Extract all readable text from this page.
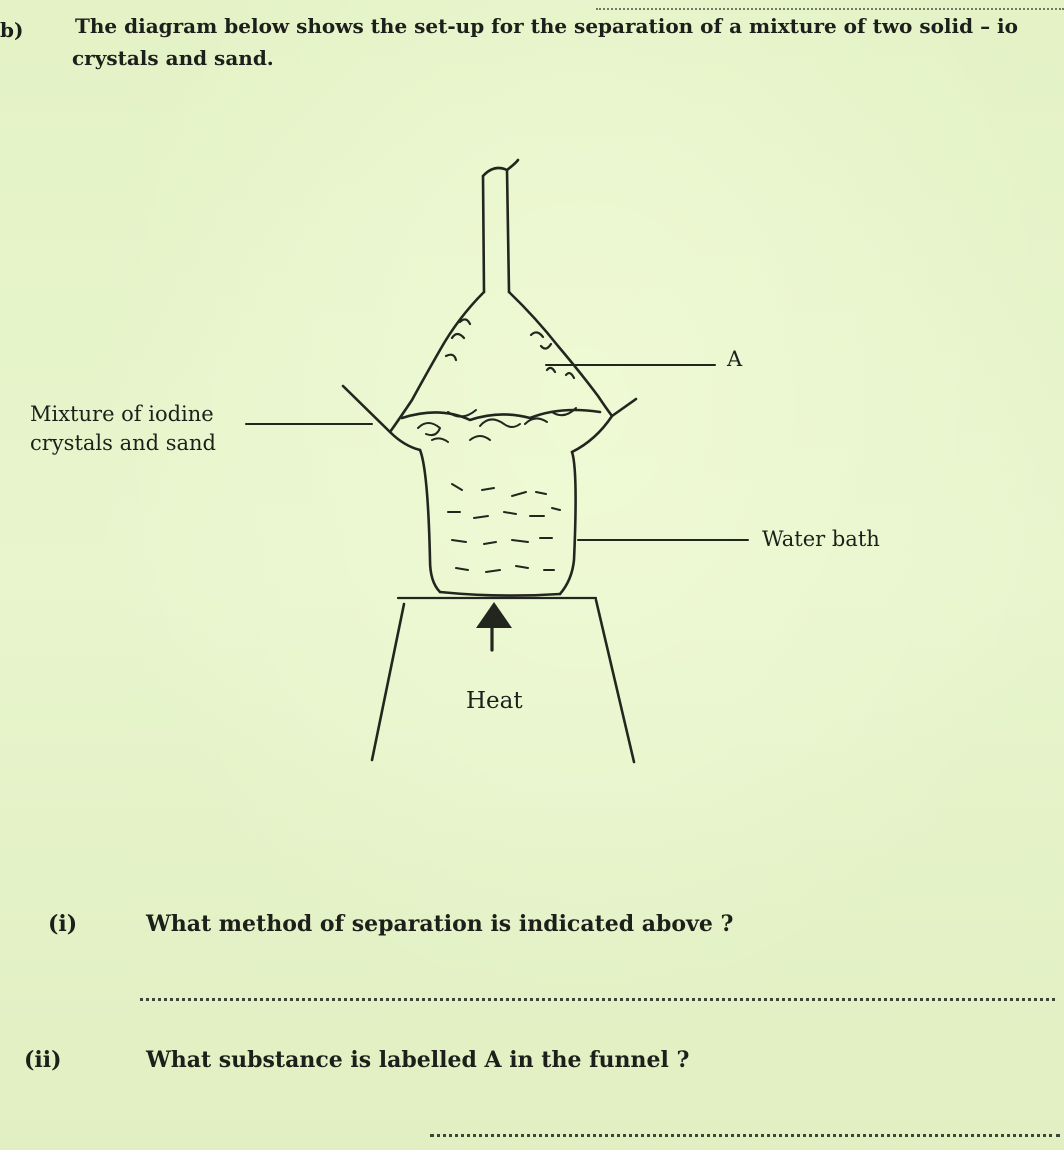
b)	The diagram below shows the set-up for the separation of a mixture of two solid – io
crystals and sand.
Mixture of iodine
crystals and sand
A
Water bath
Heat
(i)	What method of separation is indicated above ?
(ii)	What substance is labelled A in the funnel ?
